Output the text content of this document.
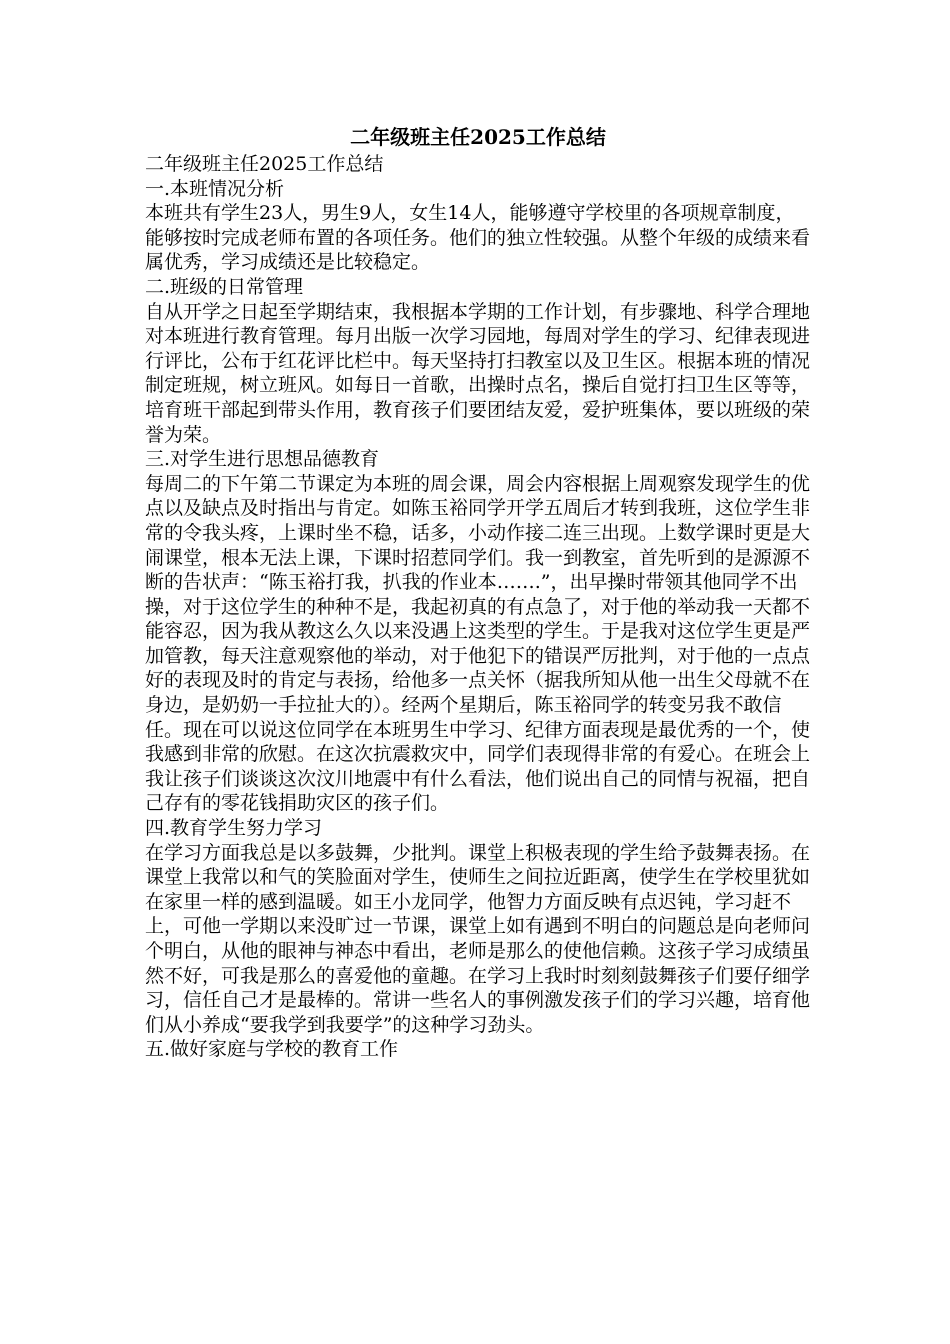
二年级班主任2025工作总结

二年级班主任2025工作总结

一.本班情况分析

本班共有学生23人，男生9人，女生14人，能够遵守学校里的各项规章制度，能够按时完成老师布置的各项任务。他们的独立性较强。从整个年级的成绩来看属优秀，学习成绩还是比较稳定。

二.班级的日常管理

自从开学之日起至学期结束，我根据本学期的工作计划，有步骤地、科学合理地对本班进行教育管理。每月出版一次学习园地，每周对学生的学习、纪律表现进行评比，公布于红花评比栏中。每天坚持打扫教室以及卫生区。根据本班的情况制定班规，树立班风。如每日一首歌，出操时点名，操后自觉打扫卫生区等等，培育班干部起到带头作用，教育孩子们要团结友爱，爱护班集体，要以班级的荣誉为荣。

三.对学生进行思想品德教育

每周二的下午第二节课定为本班的周会课，周会内容根据上周观察发现学生的优点以及缺点及时指出与肯定。如陈玉裕同学开学五周后才转到我班，这位学生非常的令我头疼，上课时坐不稳，话多，小动作接二连三出现。上数学课时更是大闹课堂，根本无法上课，下课时招惹同学们。我一到教室，首先听到的是源源不断的告状声：“陈玉裕打我，扒我的作业本…….”，出早操时带领其他同学不出操，对于这位学生的种种不是，我起初真的有点急了，对于他的举动我一天都不能容忍，因为我从教这么久以来没遇上这类型的学生。于是我对这位学生更是严加管教，每天注意观察他的举动，对于他犯下的错误严厉批判，对于他的一点点好的表现及时的肯定与表扬，给他多一点关怀（据我所知从他一出生父母就不在身边，是奶奶一手拉扯大的）。经两个星期后，陈玉裕同学的转变另我不敢信任。现在可以说这位同学在本班男生中学习、纪律方面表现是最优秀的一个，使我感到非常的欣慰。在这次抗震救灾中，同学们表现得非常的有爱心。在班会上我让孩子们谈谈这次汶川地震中有什么看法，他们说出自己的同情与祝福，把自己存有的零花钱捐助灾区的孩子们。

四.教育学生努力学习

在学习方面我总是以多鼓舞，少批判。课堂上积极表现的学生给予鼓舞表扬。在课堂上我常以和气的笑脸面对学生，使师生之间拉近距离，使学生在学校里犹如在家里一样的感到温暖。如王小龙同学，他智力方面反映有点迟钝，学习赶不上，可他一学期以来没旷过一节课，课堂上如有遇到不明白的问题总是向老师问个明白，从他的眼神与神态中看出，老师是那么的使他信赖。这孩子学习成绩虽然不好，可我是那么的喜爱他的童趣。在学习上我时时刻刻鼓舞孩子们要仔细学习，信任自己才是最棒的。常讲一些名人的事例激发孩子们的学习兴趣，培育他们从小养成“要我学到我要学”的这种学习劲头。

五.做好家庭与学校的教育工作
